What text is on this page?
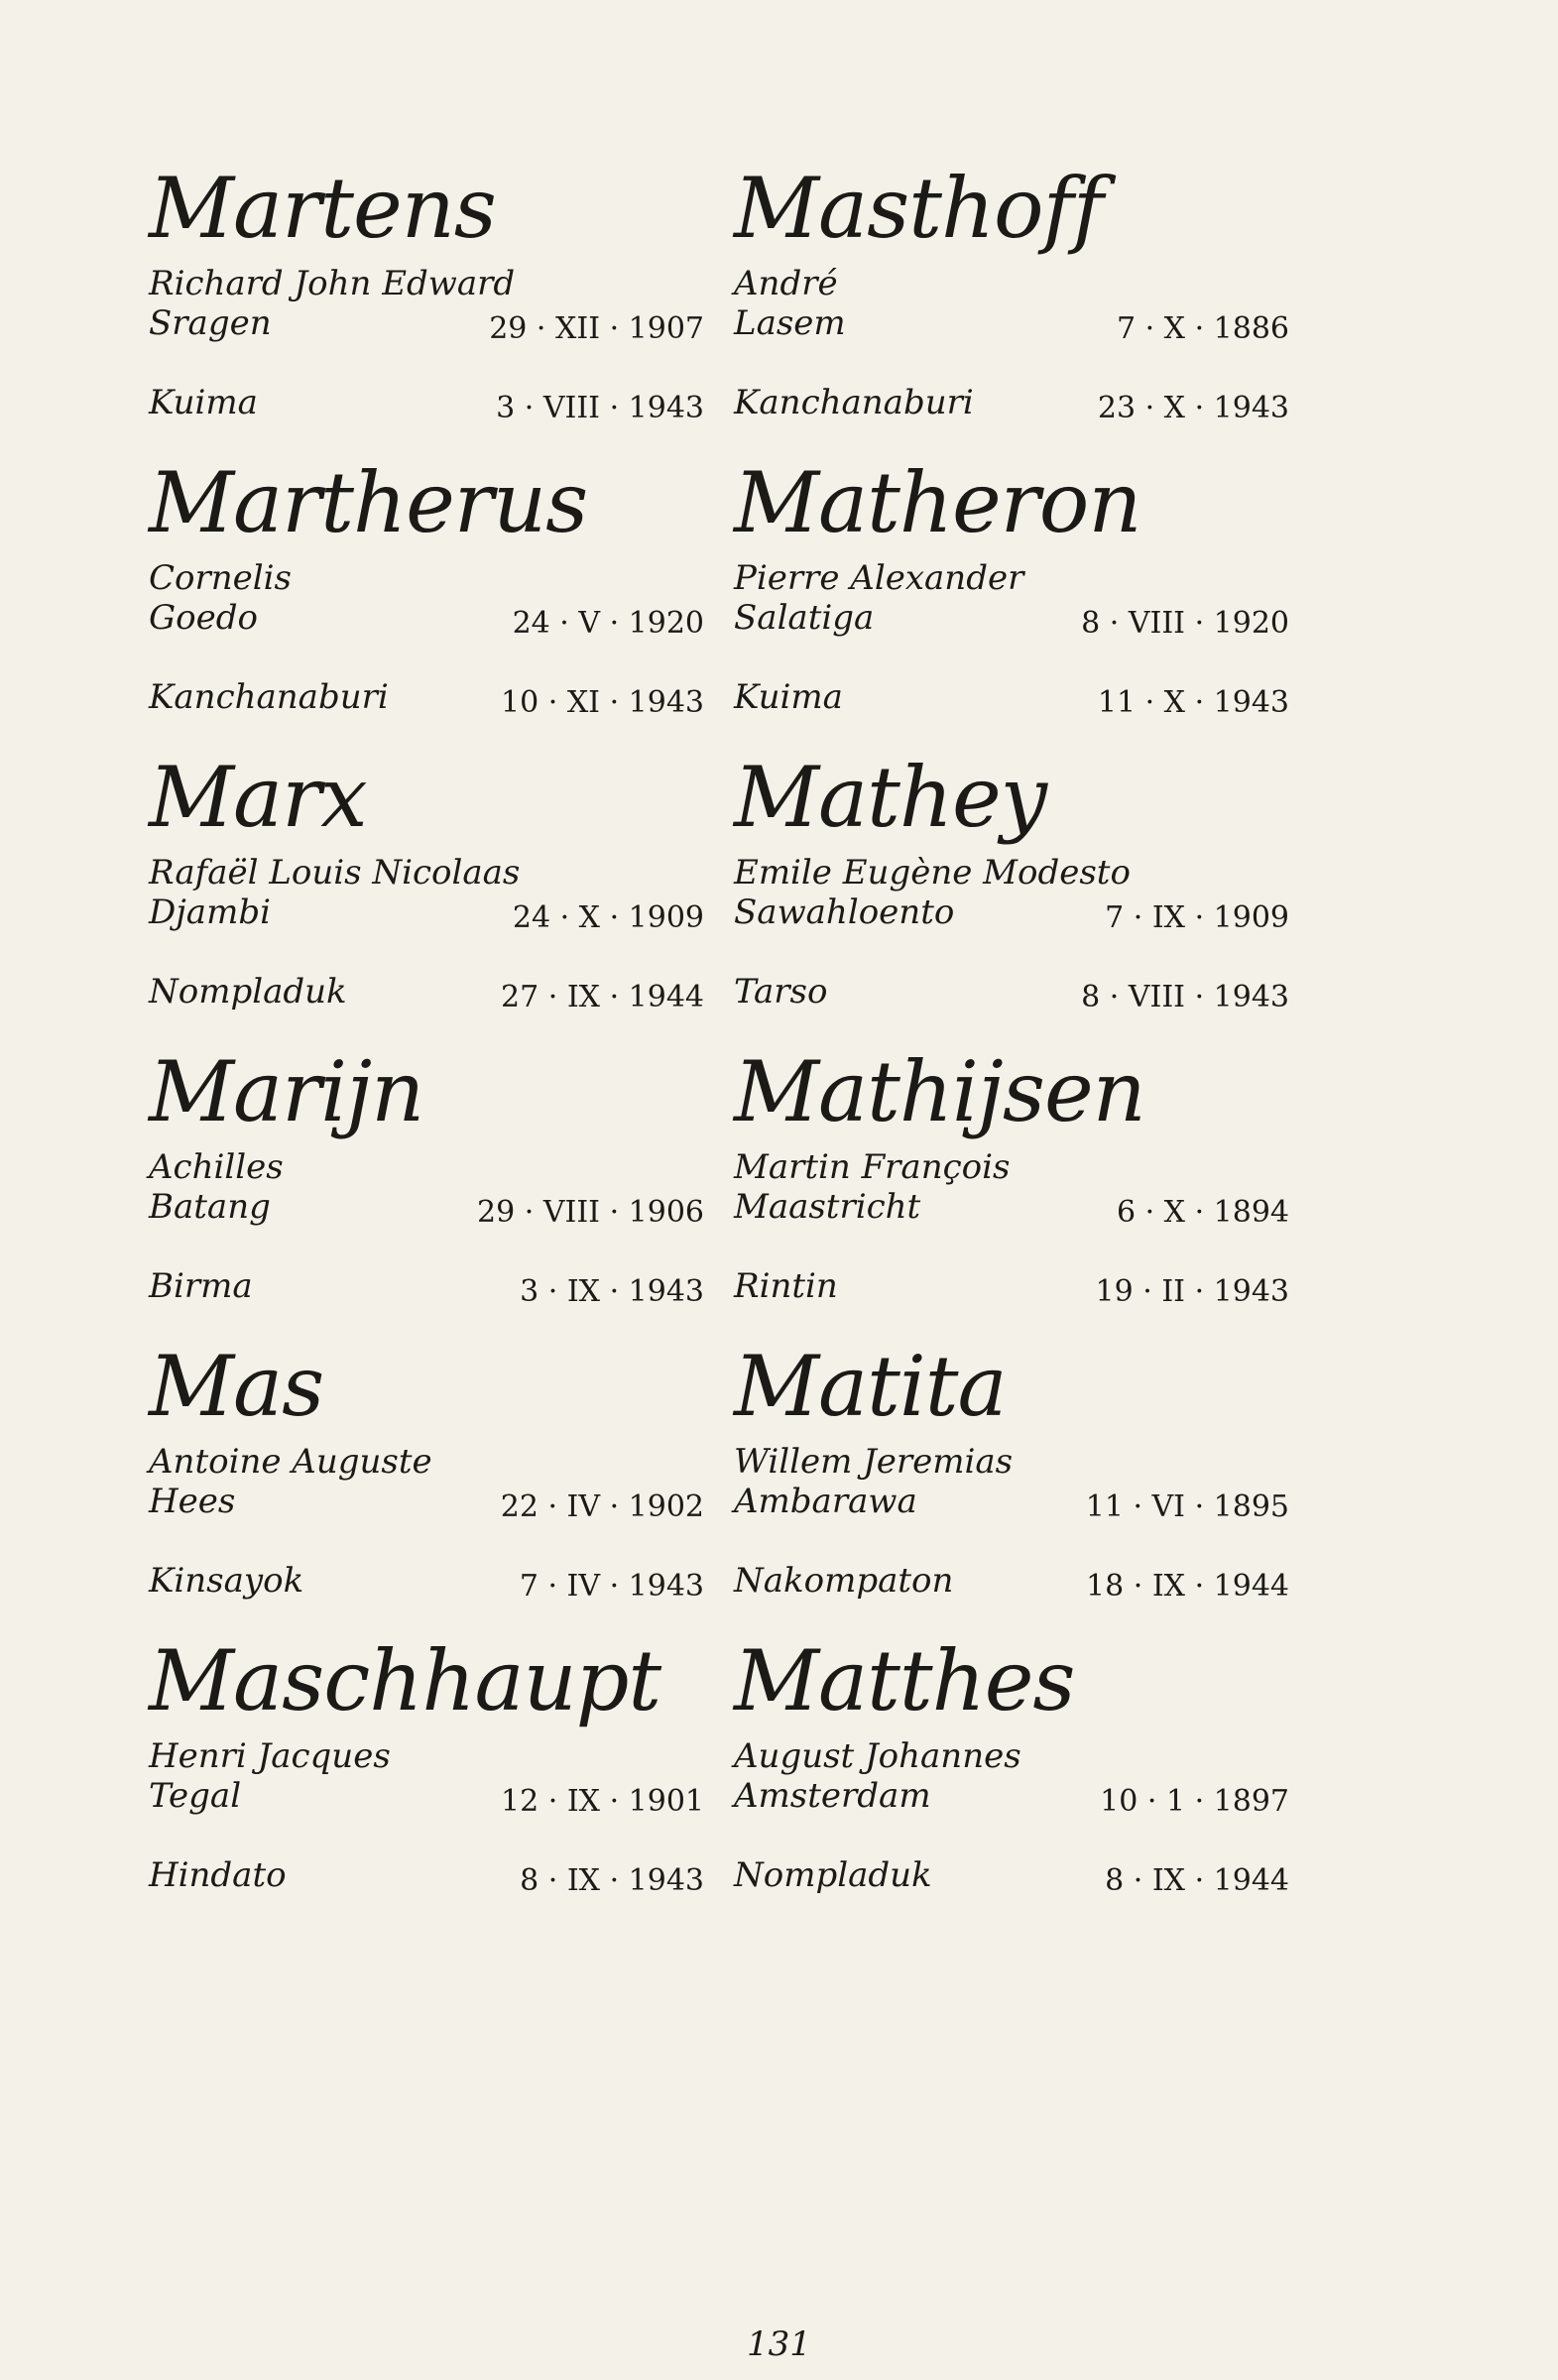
Martens
Richard John Edward
Sragen	29 · XII · 1907
Kuima	3 · VIII · 1943
Martherus
Cornelis
Goedo	24 · V · 1920
Kanchanaburi	10 · XI · 1943
Marx
Rafaël Louis Nicolaas
Djambi	24 · X · 1909
Nompladuk	27 · IX · 1944
Marijn
Achilles
Batang	29 · VIII · 1906
Birma	3 · IX · 1943
Mas
Antoine Auguste
Hees	22 · IV · 1902
Kinsayok	7 · IV · 1943
Maschhaupt
Henri Jacques
Tegal	12 · IX · 1901
Hindato	8 · IX · 1943
Masthoff
André
Lasem	7 · X · 1886
Kanchanaburi	23 · X · 1943
Matheron
Pierre Alexander
Salatiga	8 · VIII · 1920
Kuima	11 · X · 1943
Mathey
Emile Eugène Modesto
Sawahloento	7 · IX · 1909
Tarso	8 · VIII · 1943
Mathijsen
Martin François
Maastricht	6 · X · 1894
Rintin	19 · II · 1943
Matita
Willem Jeremias
Ambarawa	11 · VI · 1895
Nakompaton	18 · IX · 1944
Matthes
August Johannes
Amsterdam	10 · 1 · 1897
Nompladuk	8 · IX · 1944
131
